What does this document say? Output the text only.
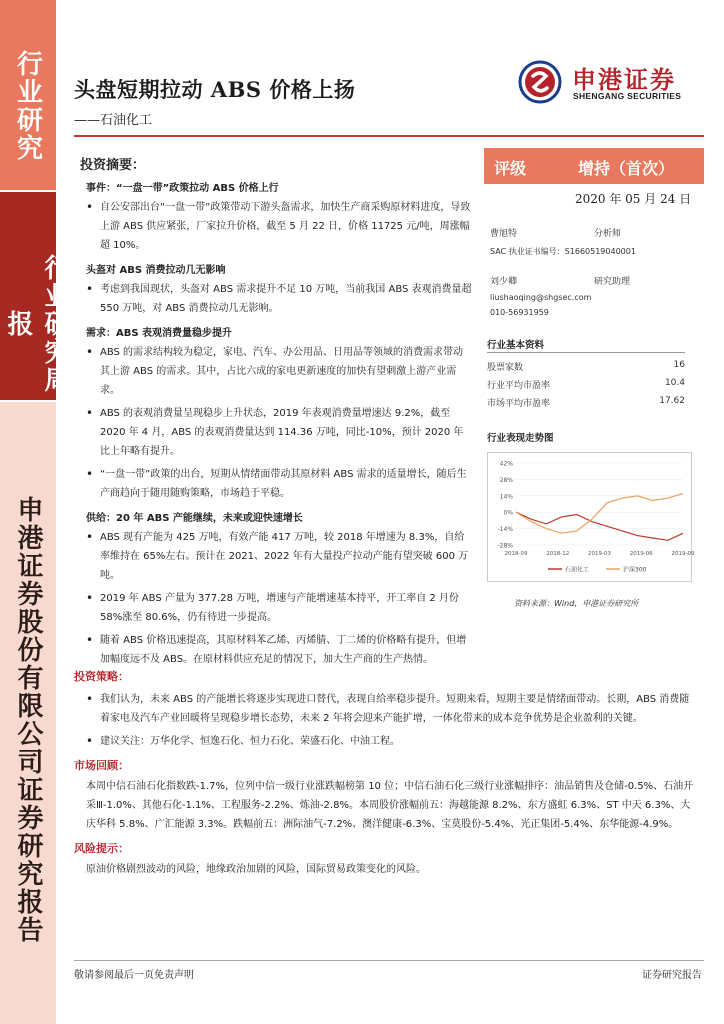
行业研究
行业研究周报
申港证券股份有限公司证券研究报告
头盘短期拉动 ABS 价格上扬
——石油化工
申港证券
SHENGANG SECURITIES
投资摘要：
事件：“一盘一带”政策拉动 ABS 价格上行
• 自公安部出台“一盘一带”政策带动下游头盔需求，加快生产商采购原材料进度，导致上游 ABS 供应紧张，厂家拉升价格，截至 5 月 22 日，价格 11725 元/吨，周涨幅超 10%。
头盔对 ABS 消费拉动几无影响
• 考虑到我国现状，头盔对 ABS 需求提升不足 10 万吨，当前我国 ABS 表观消费量超 550 万吨，对 ABS 消费拉动几无影响。
需求：ABS 表观消费量稳步提升
• ABS 的需求结构较为稳定，家电、汽车、办公用品、日用品等领域的消费需求带动其上游 ABS 的需求。其中，占比六成的家电更新速度的加快有望刺激上游产业需求。
• ABS 的表观消费量呈现稳步上升状态，2019 年表观消费量增速达 9.2%，截至 2020 年 4 月，ABS 的表观消费量达到 114.36 万吨，同比-10%，预计 2020 年比上年略有提升。
• “一盘一带”政策的出台，短期从情绪面带动其原材料 ABS 需求的适量增长，随后生产商趋向于随用随购策略，市场趋于平稳。
供给：20 年 ABS 产能继续，未来或迎快速增长
• ABS 现有产能为 425 万吨，有效产能 417 万吨，较 2018 年增速为 8.3%，自给率维持在 65%左右。预计在 2021、2022 年有大量投产拉动产能有望突破 600 万吨。
• 2019 年 ABS 产量为 377.28 万吨，增速与产能增速基本持平，开工率自 2 月份 58%涨至 80.6%，仍有待进一步提高。
• 随着 ABS 价格迅速提高，其原材料苯乙烯、丙烯腈、丁二烯的价格略有提升，但增加幅度远不及 ABS。在原材料供应充足的情况下，加大生产商的生产热情。
投资策略：
• 我们认为，未来 ABS 的产能增长将逐步实现进口替代，表现自给率稳步提升。短期来看，短期主要是情绪面带动。长期，ABS 消费随着家电及汽车产业回暖将呈现稳步增长态势，未来 2 年将会迎来产能扩增，一体化带来的成本竞争优势是企业盈利的关键。
• 建议关注：万华化学、恒逸石化、恒力石化、荣盛石化、中油工程。
市场回顾：
本周中信石油石化指数跌-1.7%，位列中信一级行业涨跌幅榜第 10 位；中信石油石化三级行业涨幅排序：油品销售及仓储-0.5%、石油开采Ⅲ-1.0%、其他石化-1.1%、工程服务-2.2%、炼油-2.8%。本周股价涨幅前五：海越能源 8.2%、东方盛虹 6.3%、ST 中天 6.3%、大庆华科 5.8%、广汇能源 3.3%。跌幅前五：洲际油气-7.2%、澳洋健康-6.3%、宝莫股份-5.4%、光正集团-5.4%、东华能源-4.9%。
风险提示：
原油价格剧烈波动的风险，地缘政治加剧的风险，国际贸易政策变化的风险。
评级	增持（首次）
2020 年 05 月 24 日
曹旭特	分析师
SAC 执业证书编号：S1660519040001
刘少卿	研究助理
liushaoqing@shgsec.com
010-56931959
行业基本资料
股票家数	16
行业平均市盈率	10.4
市场平均市盈率	17.62
行业表现走势图
42%
28%
14%
0%
-14%
-28%
2018-09	2018-12	2019-03	2019-06	2019-09
石油化工	沪深300
资料来源：Wind，申港证券研究所
敬请参阅最后一页免责声明	证券研究报告
